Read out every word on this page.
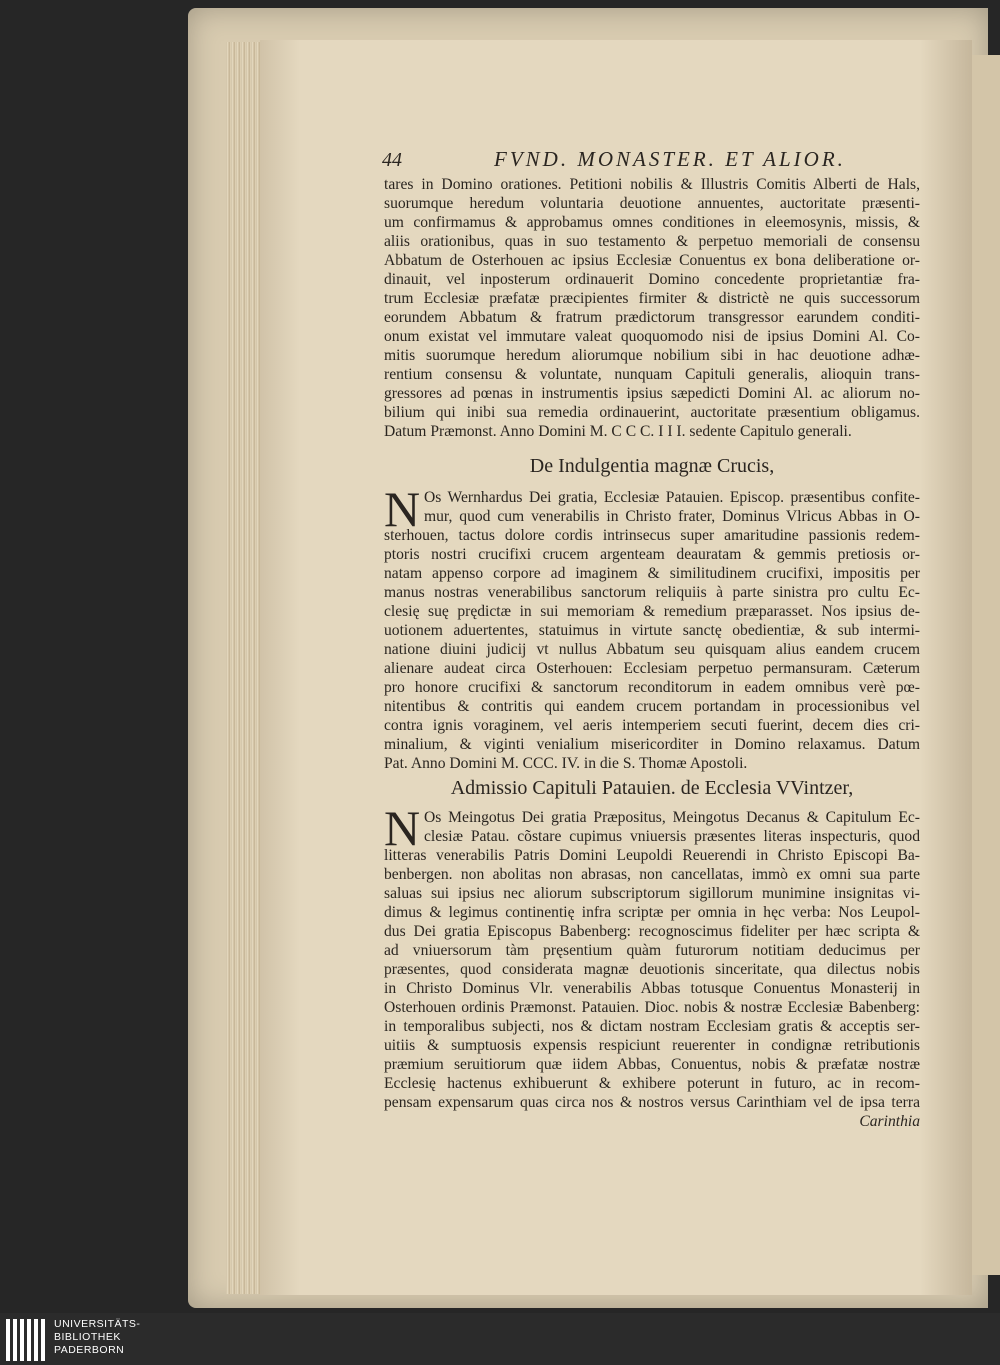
44	FVND. MONASTER. ET ALIOR.
tares in Domino orationes. Petitioni nobilis & Illustris Comitis Alberti de Hals,
suorumque heredum voluntaria deuotione annuentes, auctoritate præsenti-
um confirmamus & approbamus omnes conditiones in eleemosynis, missis, &
aliis orationibus, quas in suo testamento & perpetuo memoriali de consensu
Abbatum de Osterhouen ac ipsius Ecclesiæ Conuentus ex bona deliberatione or-
dinauit, vel inposterum ordinauerit Domino concedente proprietantiæ fra-
trum Ecclesiæ præfatæ præcipientes firmiter & districtè ne quis successorum
eorundem Abbatum & fratrum prædictorum transgressor earundem conditi-
onum existat vel immutare valeat quoquomodo nisi de ipsius Domini Al. Co-
mitis suorumque heredum aliorumque nobilium sibi in hac deuotione adhæ-
rentium consensu & voluntate, nunquam Capituli generalis, alioquin trans-
gressores ad pœnas in instrumentis ipsius sæpedicti Domini Al. ac aliorum no-
bilium qui inibi sua remedia ordinauerint, auctoritate præsentium obligamus.
Datum Præmonst. Anno Domini M. C C C. I I I. sedente Capitulo generali.
De Indulgentia magnæ Crucis,
N Os Wernhardus Dei gratia, Ecclesiæ Patauien. Episcop. præsentibus confite-
mur, quod cum venerabilis in Christo frater, Dominus Vlricus Abbas in O-
sterhouen, tactus dolore cordis intrinsecus super amaritudine passionis redem-
ptoris nostri crucifixi crucem argenteam deauratam & gemmis pretiosis or-
natam appenso corpore ad imaginem & similitudinem crucifixi, impositis per
manus nostras venerabilibus sanctorum reliquiis à parte sinistra pro cultu Ec-
clesię suę prędictæ in sui memoriam & remedium præparasset. Nos ipsius de-
uotionem aduertentes, statuimus in virtute sanctę obedientiæ, & sub intermi-
natione diuini judicij vt nullus Abbatum seu quisquam alius eandem crucem
alienare audeat circa Osterhouen: Ecclesiam perpetuo permansuram. Cæterum
pro honore crucifixi & sanctorum reconditorum in eadem omnibus verè pœ-
nitentibus & contritis qui eandem crucem portandam in processionibus vel
contra ignis voraginem, vel aeris intemperiem secuti fuerint, decem dies cri-
minalium, & viginti venialium misericorditer in Domino relaxamus. Datum
Pat. Anno Domini M. CCC. IV. in die S. Thomæ Apostoli.
Admissio Capituli Patauien. de Ecclesia VVintzer,
N Os Meingotus Dei gratia Præpositus, Meingotus Decanus & Capitulum Ec-
clesiæ Patau. cõstare cupimus vniuersis præsentes literas inspecturis, quod
litteras venerabilis Patris Domini Leupoldi Reuerendi in Christo Episcopi Ba-
benbergen. non abolitas non abrasas, non cancellatas, immò ex omni sua parte
saluas sui ipsius nec aliorum subscriptorum sigillorum munimine insignitas vi-
dimus & legimus continentię infra scriptæ per omnia in hęc verba: Nos Leupol-
dus Dei gratia Episcopus Babenberg: recognoscimus fideliter per hæc scripta &
ad vniuersorum tàm pręsentium quàm futurorum notitiam deducimus per
præsentes, quod considerata magnæ deuotionis sinceritate, qua dilectus nobis
in Christo Dominus Vlr. venerabilis Abbas totusque Conuentus Monasterij in
Osterhouen ordinis Præmonst. Patauien. Dioc. nobis & nostræ Ecclesiæ Babenberg:
in temporalibus subjecti, nos & dictam nostram Ecclesiam gratis & acceptis ser-
uitiis & sumptuosis expensis respiciunt reuerenter in condignæ retributionis
præmium seruitiorum quæ iidem Abbas, Conuentus, nobis & præfatæ nostræ
Ecclesię hactenus exhibuerunt & exhibere poterunt in futuro, ac in recom-
pensam expensarum quas circa nos & nostros versus Carinthiam vel de ipsa terra
Carinthia
UNIVERSITÄTS-
BIBLIOTHEK
PADERBORN
